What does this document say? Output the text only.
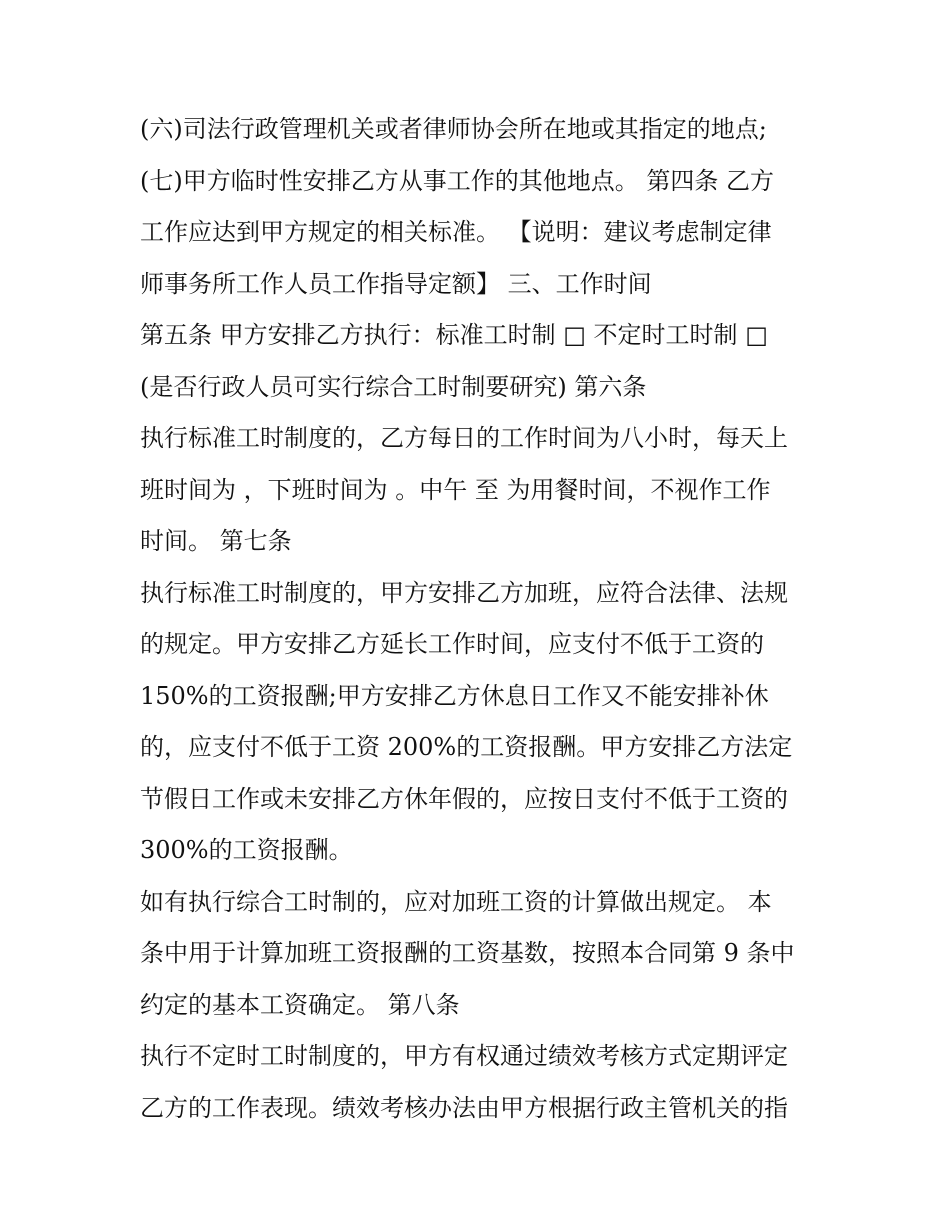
(六)司法行政管理机关或者律师协会所在地或其指定的地点;
(七)甲方临时性安排乙方从事工作的其他地点。 第四条 乙方
工作应达到甲方规定的相关标准。 【说明：建议考虑制定律
师事务所工作人员工作指导定额】 三、工作时间
第五条 甲方安排乙方执行：标准工时制 □ 不定时工时制 □
(是否行政人员可实行综合工时制要研究) 第六条
执行标准工时制度的，乙方每日的工作时间为八小时，每天上
班时间为 ，下班时间为 。中午 至 为用餐时间，不视作工作
时间。 第七条
执行标准工时制度的，甲方安排乙方加班，应符合法律、法规
的规定。甲方安排乙方延长工作时间，应支付不低于工资的
150%的工资报酬;甲方安排乙方休息日工作又不能安排补休
的，应支付不低于工资 200%的工资报酬。甲方安排乙方法定
节假日工作或未安排乙方休年假的，应按日支付不低于工资的
300%的工资报酬。
如有执行综合工时制的，应对加班工资的计算做出规定。 本
条中用于计算加班工资报酬的工资基数，按照本合同第 9 条中
约定的基本工资确定。 第八条
执行不定时工时制度的，甲方有权通过绩效考核方式定期评定
乙方的工作表现。绩效考核办法由甲方根据行政主管机关的指
